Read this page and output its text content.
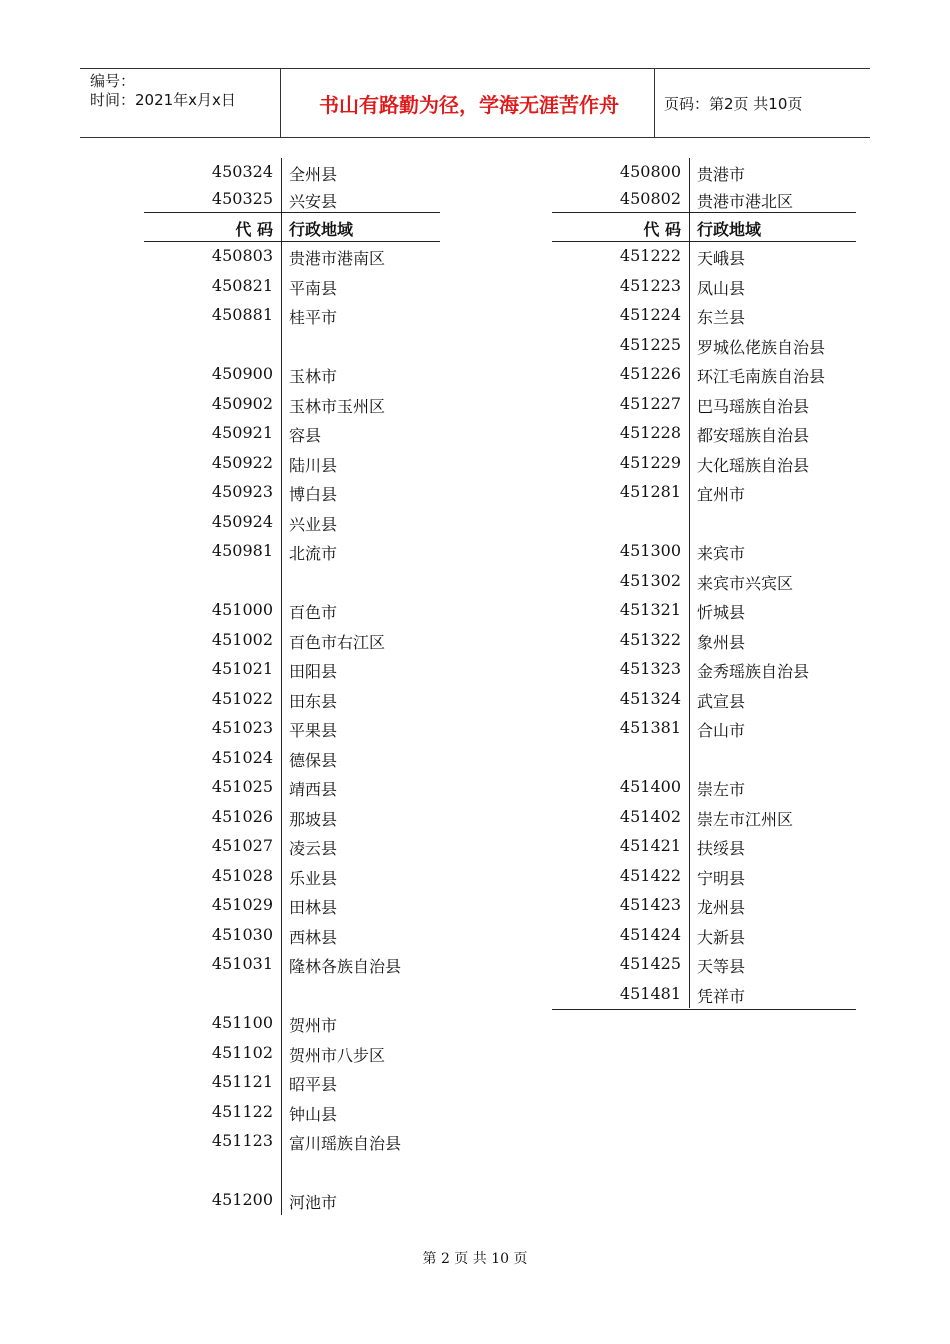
编号：
时间：2021年x月x日	书山有路勤为径，学海无涯苦作舟	页码：第2页 共10页
450324 全州县
450325 兴安县
代 码 行政地域
450803 贵港市港南区
450821 平南县
450881 桂平市
450900 玉林市
450902 玉林市玉州区
450921 容县
450922 陆川县
450923 博白县
450924 兴业县
450981 北流市
451000 百色市
451002 百色市右江区
451021 田阳县
451022 田东县
451023 平果县
451024 德保县
451025 靖西县
451026 那坡县
451027 凌云县
451028 乐业县
451029 田林县
451030 西林县
451031 隆林各族自治县
451100 贺州市
451102 贺州市八步区
451121 昭平县
451122 钟山县
451123 富川瑶族自治县
451200 河池市
450800 贵港市
450802 贵港市港北区
代 码 行政地域
451222 天峨县
451223 凤山县
451224 东兰县
451225 罗城仫佬族自治县
451226 环江毛南族自治县
451227 巴马瑶族自治县
451228 都安瑶族自治县
451229 大化瑶族自治县
451281 宜州市
451300 来宾市
451302 来宾市兴宾区
451321 忻城县
451322 象州县
451323 金秀瑶族自治县
451324 武宣县
451381 合山市
451400 崇左市
451402 崇左市江州区
451421 扶绥县
451422 宁明县
451423 龙州县
451424 大新县
451425 天等县
451481 凭祥市
第 2 页 共 10 页
